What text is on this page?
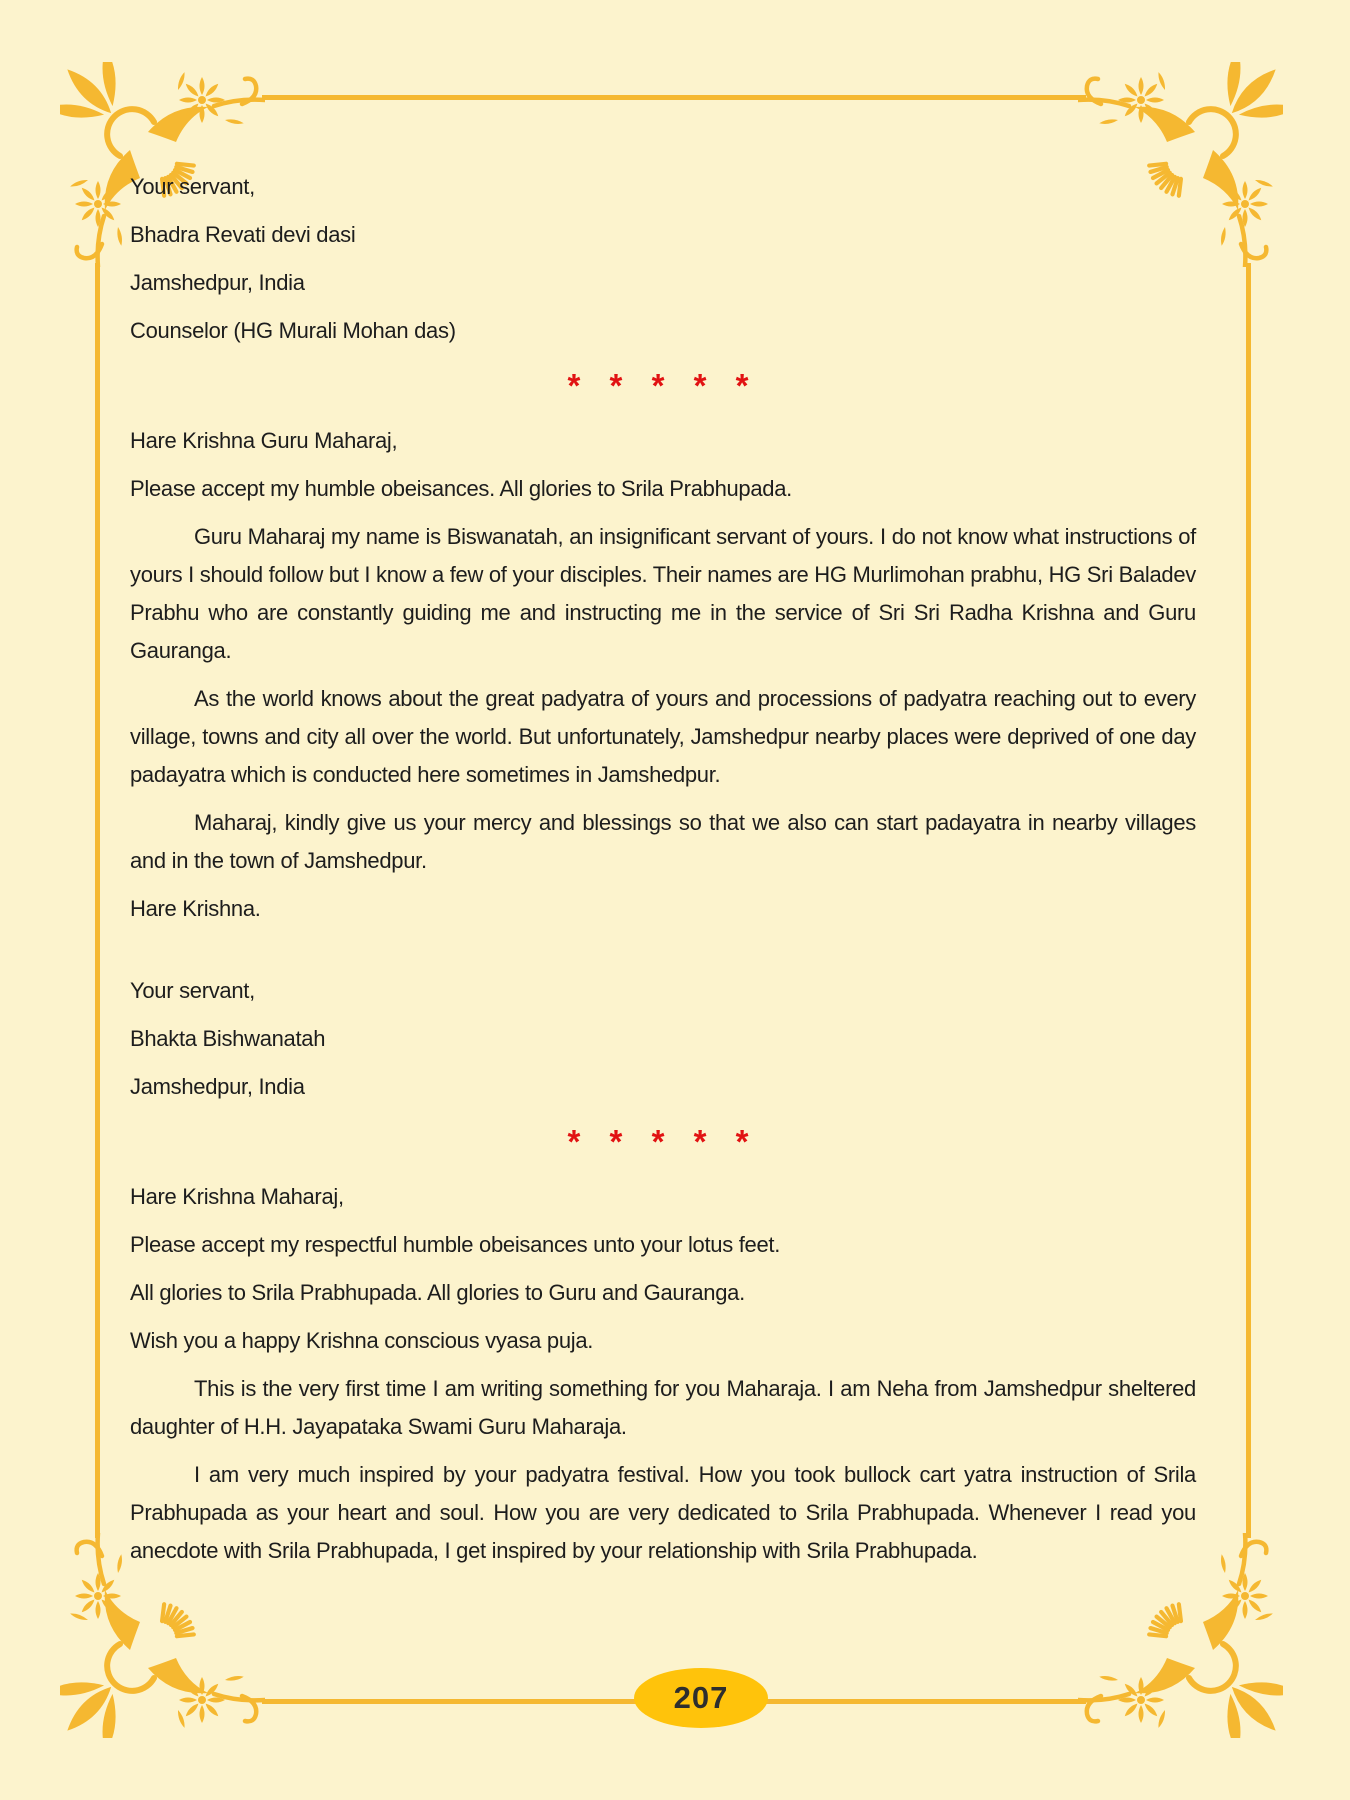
Your servant,

Bhadra Revati devi dasi

Jamshedpur, India

Counselor (HG Murali Mohan das)

* * * * *

Hare Krishna Guru Maharaj,

Please accept my humble obeisances. All glories to Srila Prabhupada.

Guru Maharaj my name is Biswanatah, an insignificant servant of yours. I do not know what instructions of yours I should follow but I know a few of your disciples. Their names are HG Murlimohan prabhu, HG Sri Baladev Prabhu who are constantly guiding me and instructing me in the service of Sri Sri Radha Krishna and Guru Gauranga.

As the world knows about the great padyatra of yours and processions of padyatra reaching out to every village, towns and city all over the world. But unfortunately, Jamshedpur nearby places were deprived of one day padayatra which is conducted here sometimes in Jamshedpur.

Maharaj, kindly give us your mercy and blessings so that we also can start padayatra in nearby villages and in the town of Jamshedpur.

Hare Krishna.

Your servant,

Bhakta Bishwanatah

Jamshedpur, India

* * * * *

Hare Krishna Maharaj,

Please accept my respectful humble obeisances unto your lotus feet.

All glories to Srila Prabhupada. All glories to Guru and Gauranga.

Wish you a happy Krishna conscious vyasa puja.

This is the very first time I am writing something for you Maharaja. I am Neha from Jamshedpur sheltered daughter of H.H. Jayapataka Swami Guru Maharaja.

I am very much inspired by your padyatra festival. How you took bullock cart yatra instruction of Srila Prabhupada as your heart and soul. How you are very dedicated to Srila Prabhupada. Whenever I read you anecdote with Srila Prabhupada, I get inspired by your relationship with Srila Prabhupada.

207
